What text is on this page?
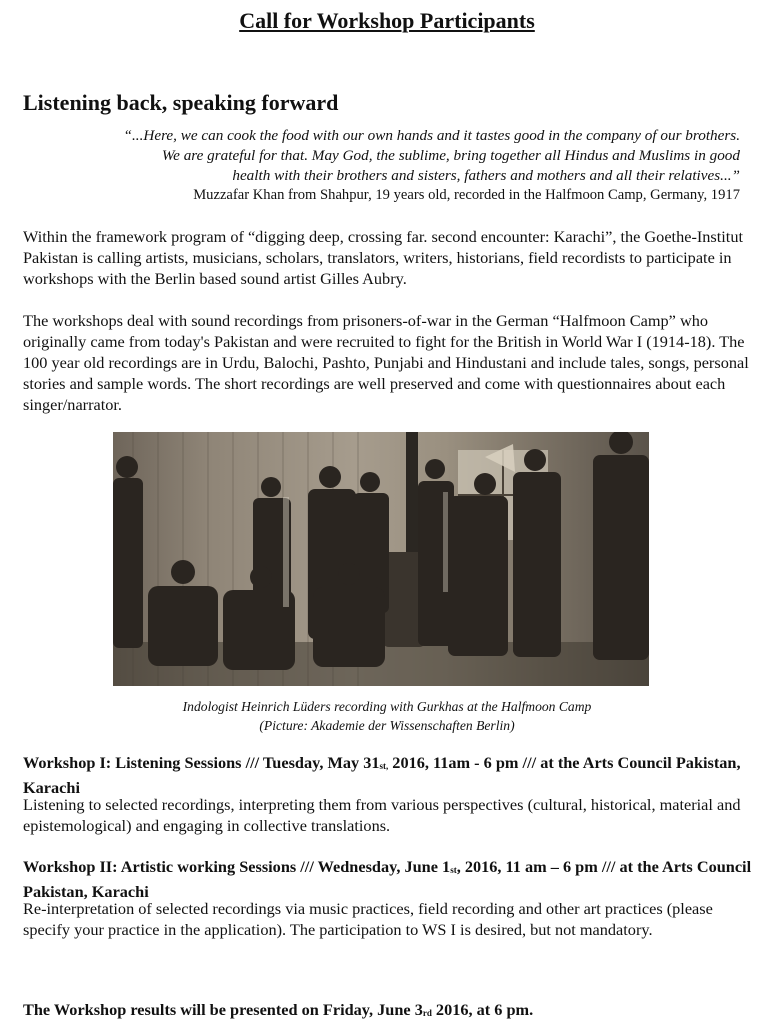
Call for Workshop Participants
Listening back, speaking forward
“...Here, we can cook the food with our own hands and it tastes good in the company of our brothers.
We are grateful for that. May God, the sublime, bring together all Hindus and Muslims in good
health with their brothers and sisters, fathers and mothers and all their relatives...”
Muzzafar Khan from Shahpur, 19 years old, recorded in the Halfmoon Camp, Germany, 1917
Within the framework program of “digging deep, crossing far. second encounter: Karachi”, the Goethe-Institut Pakistan is calling artists, musicians, scholars, translators, writers, historians, field recordists to participate in workshops with the Berlin based sound artist Gilles Aubry.
The workshops deal with sound recordings from prisoners-of-war in the German “Halfmoon Camp” who originally came from today's Pakistan and were recruited to fight for the British in World War I (1914-18). The 100 year old recordings are in Urdu, Balochi, Pashto, Punjabi and Hindustani and include tales, songs, personal stories and sample words. The short recordings are well preserved and come with questionnaires about each singer/narrator.
Indologist Heinrich Lüders recording with Gurkhas at the Halfmoon Camp
(Picture: Akademie der Wissenschaften Berlin)
Workshop I: Listening Sessions /// Tuesday, May $31_{st,}$ 2016, 11am - 6 pm /// at the Arts Council Pakistan, Karachi
Listening to selected recordings, interpreting them from various perspectives (cultural, historical, material and epistemological) and engaging in collective translations.
Workshop II: Artistic working Sessions /// Wednesday, June $1_{st}$, 2016, 11 am – 6 pm /// at the Arts Council Pakistan, Karachi
Re-interpretation of selected recordings via music practices, field recording and other art practices (please specify your practice in the application). The participation to WS I is desired, but not mandatory.
The Workshop results will be presented on Friday, June $3_{rd}$ 2016, at 6 pm.
